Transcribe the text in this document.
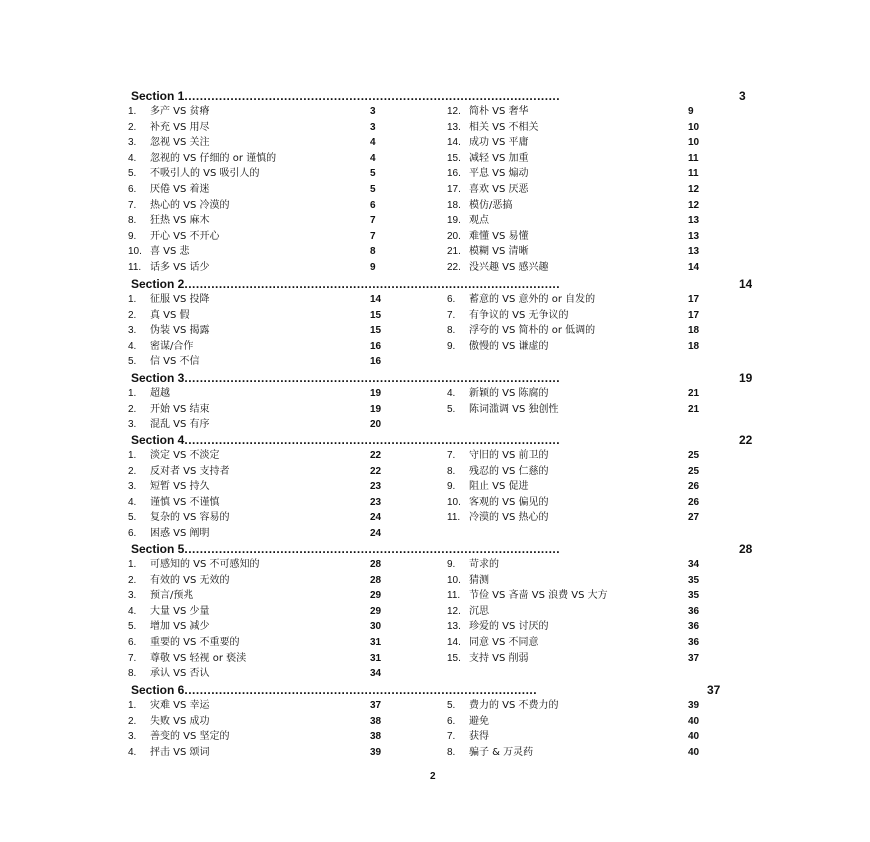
Section 1..................................................................................................	3
1.	多产 VS 贫瘠	3
2.	补充 VS 用尽	3
3.	忽视 VS 关注	4
4.	忽视的 VS 仔细的 or 谨慎的	4
5.	不吸引人的 VS 吸引人的	5
6.	厌倦 VS 着迷	5
7.	热心的 VS 冷漠的	6
8.	狂热 VS 麻木	7
9.	开心 VS 不开心	7
10. 喜 VS 悲	8
11. 话多 VS 话少	9
12. 简朴 VS 奢华	9
13. 相关 VS 不相关	10
14. 成功 VS 平庸	10
15. 减轻 VS 加重	11
16. 平息 VS 煽动	11
17. 喜欢 VS 厌恶	12
18. 模仿/恶搞	12
19. 观点	13
20. 难懂 VS 易懂	13
21. 模糊 VS 清晰	13
22. 没兴趣 VS 感兴趣	14
Section 2..................................................................................................	14
1.	征服 VS 投降	14
2.	真 VS 假	15
3.	伪装 VS 揭露	15
4.	密谋/合作	16
5.	信 VS 不信	16
6.	蓄意的 VS 意外的 or 自发的	17
7.	有争议的 VS 无争议的	17
8.	浮夸的 VS 简朴的 or 低调的	18
9.	傲慢的 VS 谦虚的	18
Section 3..................................................................................................	19
1.	超越	19
2.	开始 VS 结束	19
3.	混乱 VS 有序	20
4.	新颖的 VS 陈腐的	21
5.	陈词滥调 VS 独创性	21
Section 4..................................................................................................	22
1.	淡定 VS 不淡定	22
2.	反对者 VS 支持者	22
3.	短暂 VS 持久	23
4.	谨慎 VS 不谨慎	23
5.	复杂的 VS 容易的	24
6.	困惑 VS 阐明	24
7.	守旧的 VS 前卫的	25
8.	残忍的 VS 仁慈的	25
9.	阻止 VS 促进	26
10. 客观的 VS 偏见的	26
11. 冷漠的 VS 热心的	27
Section 5..................................................................................................	28
1.	可感知的 VS 不可感知的	28
2.	有效的 VS 无效的	28
3.	预言/预兆	29
4.	大量 VS 少量	29
5.	增加 VS 减少	30
6.	重要的 VS 不重要的	31
7.	尊敬 VS 轻视 or 亵渎	31
8.	承认 VS 否认	34
9.	苛求的	34
10. 猜测	35
11. 节俭 VS 吝啬 VS 浪费 VS 大方	35
12. 沉思	36
13. 珍爱的 VS 讨厌的	36
14. 同意 VS 不同意	36
15. 支持 VS 削弱	37
Section 6............................................................................................	37
1.	灾难 VS 幸运	37
2.	失败 VS 成功	38
3.	善变的 VS 坚定的	38
4.	抨击 VS 颂词	39
5.	费力的 VS 不费力的	39
6.	避免	40
7.	获得	40
8.	骗子 & 万灵药	40
2
